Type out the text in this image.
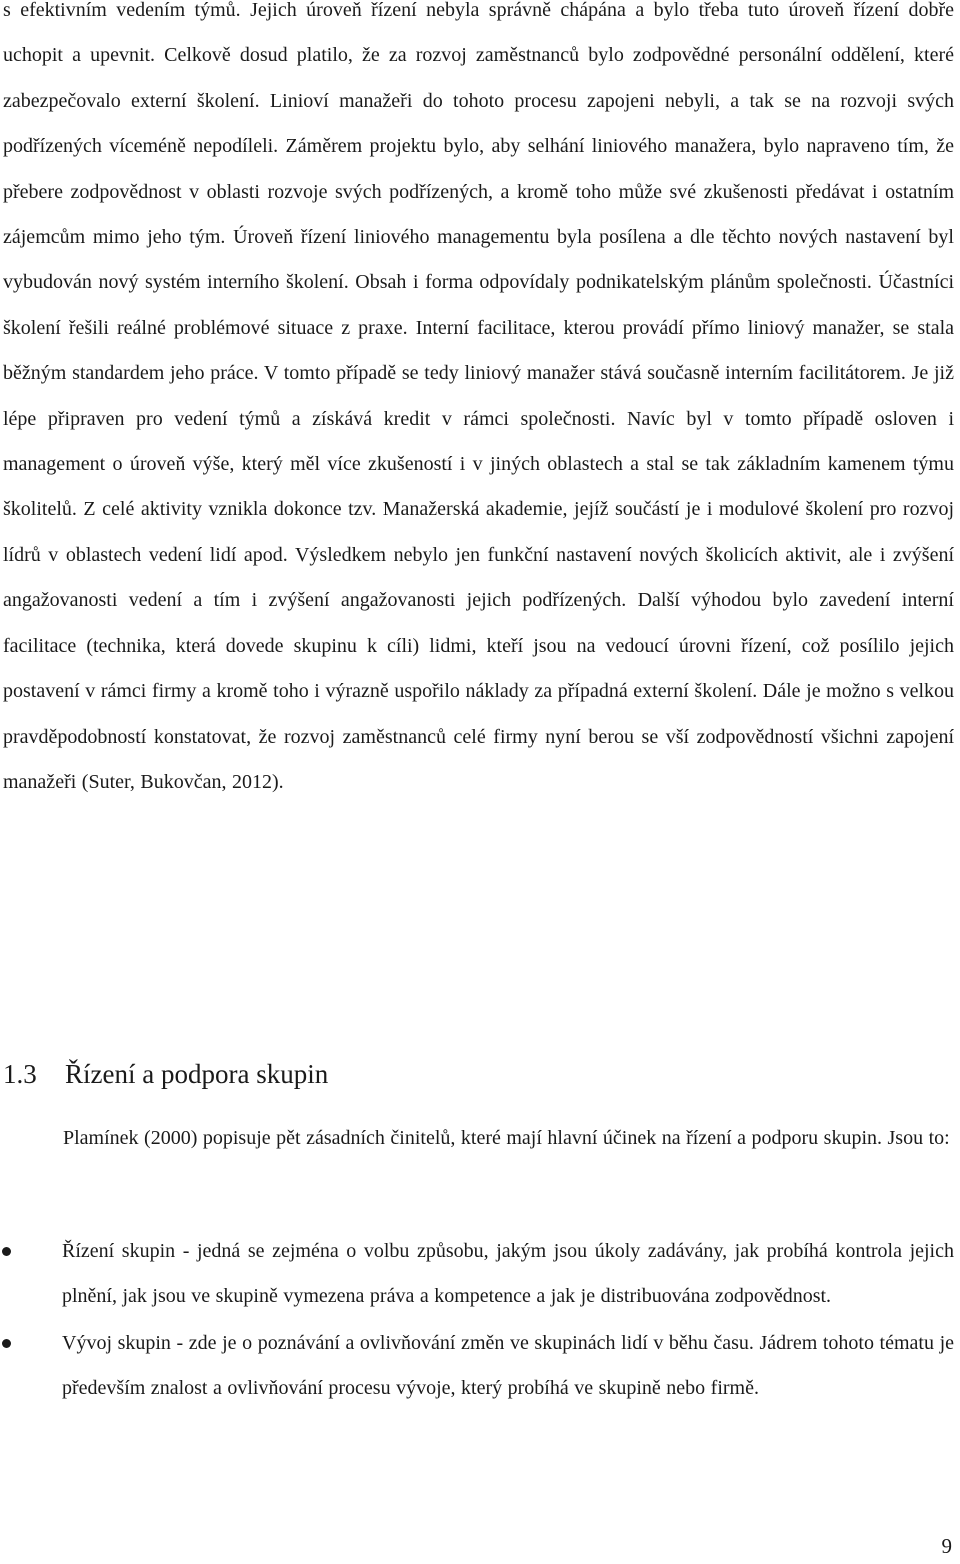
s efektivním vedením týmů. Jejich úroveň řízení nebyla správně chápána a bylo třeba tuto úroveň řízení dobře uchopit a upevnit. Celkově dosud platilo, že za rozvoj zaměstnanců bylo zodpovědné personální oddělení, které zabezpečovalo externí školení. Linioví manažeři do tohoto procesu zapojeni nebyli, a tak se na rozvoji svých podřízených víceméně nepodíleli. Záměrem projektu bylo, aby selhání liniového manažera, bylo napraveno tím, že přebere zodpovědnost v oblasti rozvoje svých podřízených, a kromě toho může své zkušenosti předávat i ostatním zájemcům mimo jeho tým. Úroveň řízení liniového managementu byla posílena a dle těchto nových nastavení byl vybudován nový systém interního školení. Obsah i forma odpovídaly podnikatelským plánům společnosti. Účastníci školení řešili reálné problémové situace z praxe. Interní facilitace, kterou provádí přímo liniový manažer, se stala běžným standardem jeho práce. V tomto případě se tedy liniový manažer stává současně interním facilitátorem. Je již lépe připraven pro vedení týmů a získává kredit v rámci společnosti. Navíc byl v tomto případě osloven i management o úroveň výše, který měl více zkušeností i v jiných oblastech a stal se tak základním kamenem týmu školitelů. Z celé aktivity vznikla dokonce tzv. Manažerská akademie, jejíž součástí je i modulové školení pro rozvoj lídrů v oblastech vedení lidí apod. Výsledkem nebylo jen funkční nastavení nových školicích aktivit, ale i zvýšení angažovanosti vedení a tím i zvýšení angažovanosti jejich podřízených. Další výhodou bylo zavedení interní facilitace (technika, která dovede skupinu k cíli) lidmi, kteří jsou na vedoucí úrovni řízení, což posílilo jejich postavení v rámci firmy a kromě toho i výrazně uspořilo náklady za případná externí školení. Dále je možno s velkou pravděpodobností konstatovat, že rozvoj zaměstnanců celé firmy nyní berou se vší zodpovědností všichni zapojení manažeři (Suter, Bukovčan, 2012).

1.3 Řízení a podpora skupin

Plamínek (2000) popisuje pět zásadních činitelů, které mají hlavní účinek na řízení a podporu skupin. Jsou to:

Řízení skupin - jedná se zejména o volbu způsobu, jakým jsou úkoly zadávány, jak probíhá kontrola jejich plnění, jak jsou ve skupině vymezena práva a kompetence a jak je distribuována zodpovědnost.
Vývoj skupin - zde je o poznávání a ovlivňování změn ve skupinách lidí v běhu času. Jádrem tohoto tématu je především znalost a ovlivňování procesu vývoje, který probíhá ve skupině nebo firmě.
9
